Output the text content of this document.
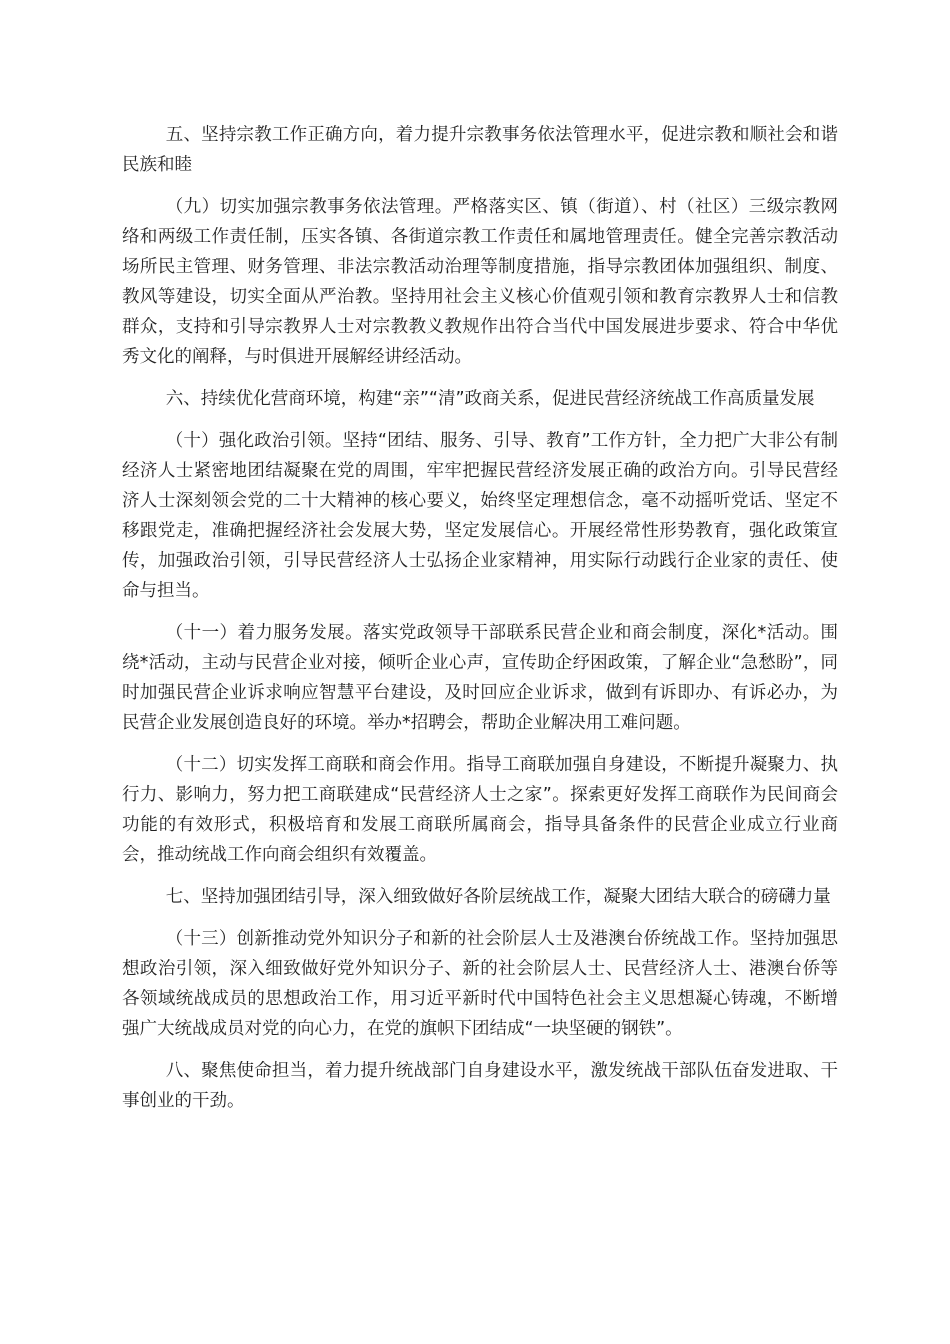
五、坚持宗教工作正确方向，着力提升宗教事务依法管理水平，促进宗教和顺社会和谐民族和睦

（九）切实加强宗教事务依法管理。严格落实区、镇（街道）、村（社区）三级宗教网络和两级工作责任制，压实各镇、各街道宗教工作责任和属地管理责任。健全完善宗教活动场所民主管理、财务管理、非法宗教活动治理等制度措施，指导宗教团体加强组织、制度、教风等建设，切实全面从严治教。坚持用社会主义核心价值观引领和教育宗教界人士和信教群众，支持和引导宗教界人士对宗教教义教规作出符合当代中国发展进步要求、符合中华优秀文化的阐释，与时俱进开展解经讲经活动。

六、持续优化营商环境，构建“亲”“清”政商关系，促进民营经济统战工作高质量发展

（十）强化政治引领。坚持“团结、服务、引导、教育”工作方针，全力把广大非公有制经济人士紧密地团结凝聚在党的周围，牢牢把握民营经济发展正确的政治方向。引导民营经济人士深刻领会党的二十大精神的核心要义，始终坚定理想信念，毫不动摇听党话、坚定不移跟党走，准确把握经济社会发展大势，坚定发展信心。开展经常性形势教育，强化政策宣传，加强政治引领，引导民营经济人士弘扬企业家精神，用实际行动践行企业家的责任、使命与担当。

（十一）着力服务发展。落实党政领导干部联系民营企业和商会制度，深化*活动。围绕*活动，主动与民营企业对接，倾听企业心声，宣传助企纾困政策，了解企业“急愁盼”，同时加强民营企业诉求响应智慧平台建设，及时回应企业诉求，做到有诉即办、有诉必办，为民营企业发展创造良好的环境。举办*招聘会，帮助企业解决用工难问题。

（十二）切实发挥工商联和商会作用。指导工商联加强自身建设，不断提升凝聚力、执行力、影响力，努力把工商联建成“民营经济人士之家”。探索更好发挥工商联作为民间商会功能的有效形式，积极培育和发展工商联所属商会，指导具备条件的民营企业成立行业商会，推动统战工作向商会组织有效覆盖。

七、坚持加强团结引导，深入细致做好各阶层统战工作，凝聚大团结大联合的磅礴力量

（十三）创新推动党外知识分子和新的社会阶层人士及港澳台侨统战工作。坚持加强思想政治引领，深入细致做好党外知识分子、新的社会阶层人士、民营经济人士、港澳台侨等各领域统战成员的思想政治工作，用习近平新时代中国特色社会主义思想凝心铸魂，不断增强广大统战成员对党的向心力，在党的旗帜下团结成“一块坚硬的钢铁”。

八、聚焦使命担当，着力提升统战部门自身建设水平，激发统战干部队伍奋发进取、干事创业的干劲。
